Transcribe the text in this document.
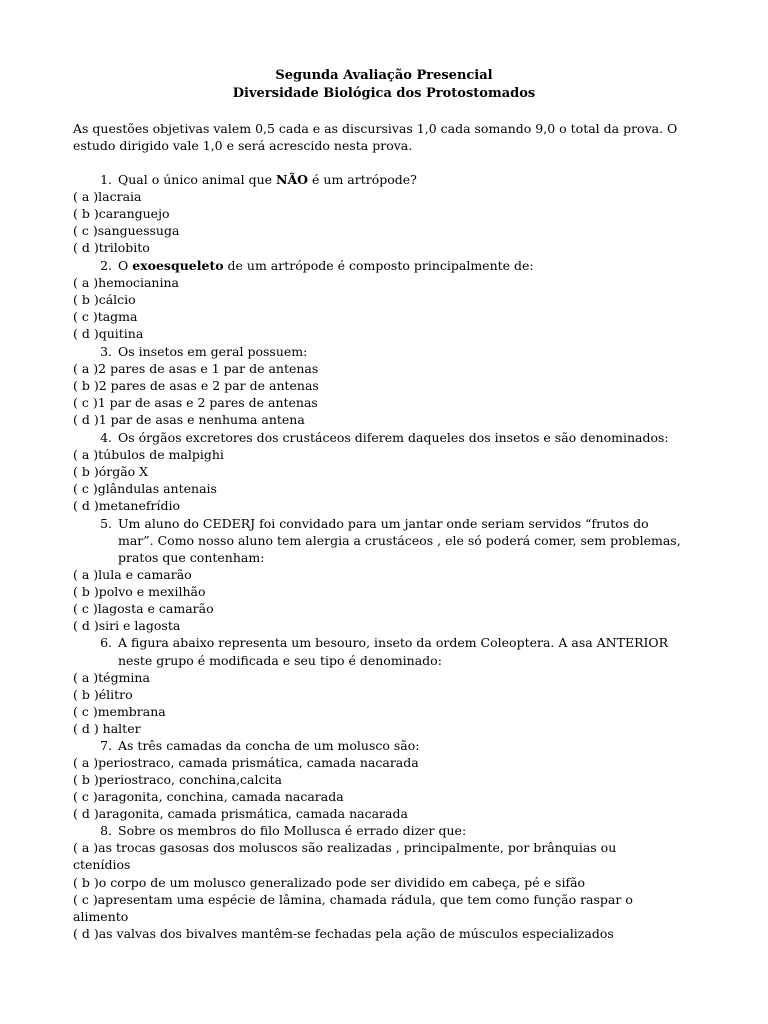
Segunda Avaliação Presencial
Diversidade Biológica dos Protostomados
As questões objetivas valem 0,5 cada e as discursivas 1,0 cada somando 9,0 o total da prova. O
estudo dirigido vale 1,0 e será acrescido nesta prova.
1. Qual o único animal que NÃO é um artrópode?
( a )lacraia
( b )caranguejo
( c )sanguessuga
( d )trilobito
2. O exoesqueleto de um artrópode é composto principalmente de:
( a )hemocianina
( b )cálcio
( c )tagma
( d )quitina
3. Os insetos em geral possuem:
( a )2 pares de asas e 1 par de antenas
( b )2 pares de asas e 2 par de antenas
( c )1 par de asas e 2 pares de antenas
( d )1 par de asas e nenhuma antena
4. Os órgãos excretores dos crustáceos diferem daqueles dos insetos e são denominados:
( a )túbulos de malpighi
( b )órgão X
( c )glândulas antenais
( d )metanefrídio
5. Um aluno do CEDERJ foi convidado para um jantar onde seriam servidos “frutos do
mar”. Como nosso aluno tem alergia a crustáceos , ele só poderá comer, sem problemas,
pratos que contenham:
( a )lula e camarão
( b )polvo e mexilhão
( c )lagosta e camarão
( d )siri e lagosta
6. A figura abaixo representa um besouro, inseto da ordem Coleoptera. A asa ANTERIOR
neste grupo é modificada e seu tipo é denominado:
( a )tégmina
( b )élitro
( c )membrana
( d ) halter
7. As três camadas da concha de um molusco são:
( a )periostraco, camada prismática, camada nacarada
( b )periostraco, conchina,calcita
( c )aragonita, conchina, camada nacarada
( d )aragonita, camada prismática, camada nacarada
8. Sobre os membros do filo Mollusca é errado dizer que:
( a )as trocas gasosas dos moluscos são realizadas , principalmente, por brânquias ou
ctenídios
( b )o corpo de um molusco generalizado pode ser dividido em cabeça, pé e sifão
( c )apresentam uma espécie de lâmina, chamada rádula, que tem como função raspar o
alimento
( d )as valvas dos bivalves mantêm-se fechadas pela ação de músculos especializados
